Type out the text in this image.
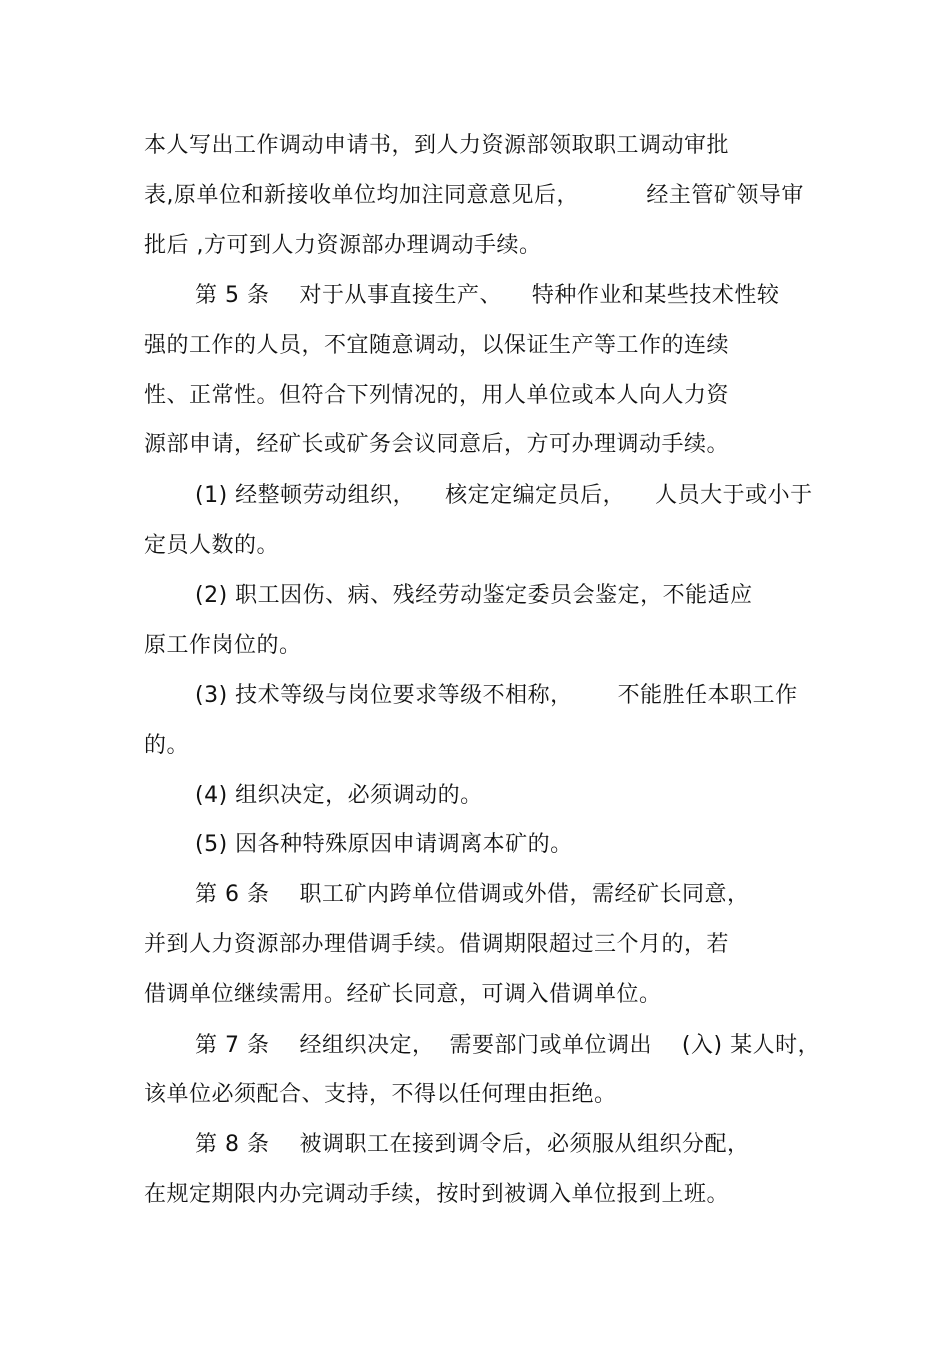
本人写出工作调动申请书，到人力资源部领取职工调动审批
表,原单位和新接收单位均加注同意意见后，         经主管矿领导审
批后 ,方可到人力资源部办理调动手续。
第 5 条    对于从事直接生产、    特种作业和某些技术性较
强的工作的人员，不宜随意调动，以保证生产等工作的连续
性、正常性。但符合下列情况的，用人单位或本人向人力资
源部申请，经矿长或矿务会议同意后，方可办理调动手续。
(1) 经整顿劳动组织，    核定定编定员后，    人员大于或小于
定员人数的。
(2) 职工因伤、病、残经劳动鉴定委员会鉴定，不能适应
原工作岗位的。
(3) 技术等级与岗位要求等级不相称，      不能胜任本职工作
的。
(4) 组织决定，必须调动的。
(5) 因各种特殊原因申请调离本矿的。
第 6 条    职工矿内跨单位借调或外借，需经矿长同意，
并到人力资源部办理借调手续。借调期限超过三个月的，若
借调单位继续需用。经矿长同意，可调入借调单位。
第 7 条    经组织决定，  需要部门或单位调出    (入) 某人时，
该单位必须配合、支持，不得以任何理由拒绝。
第 8 条    被调职工在接到调令后，必须服从组织分配，
在规定期限内办完调动手续，按时到被调入单位报到上班。
